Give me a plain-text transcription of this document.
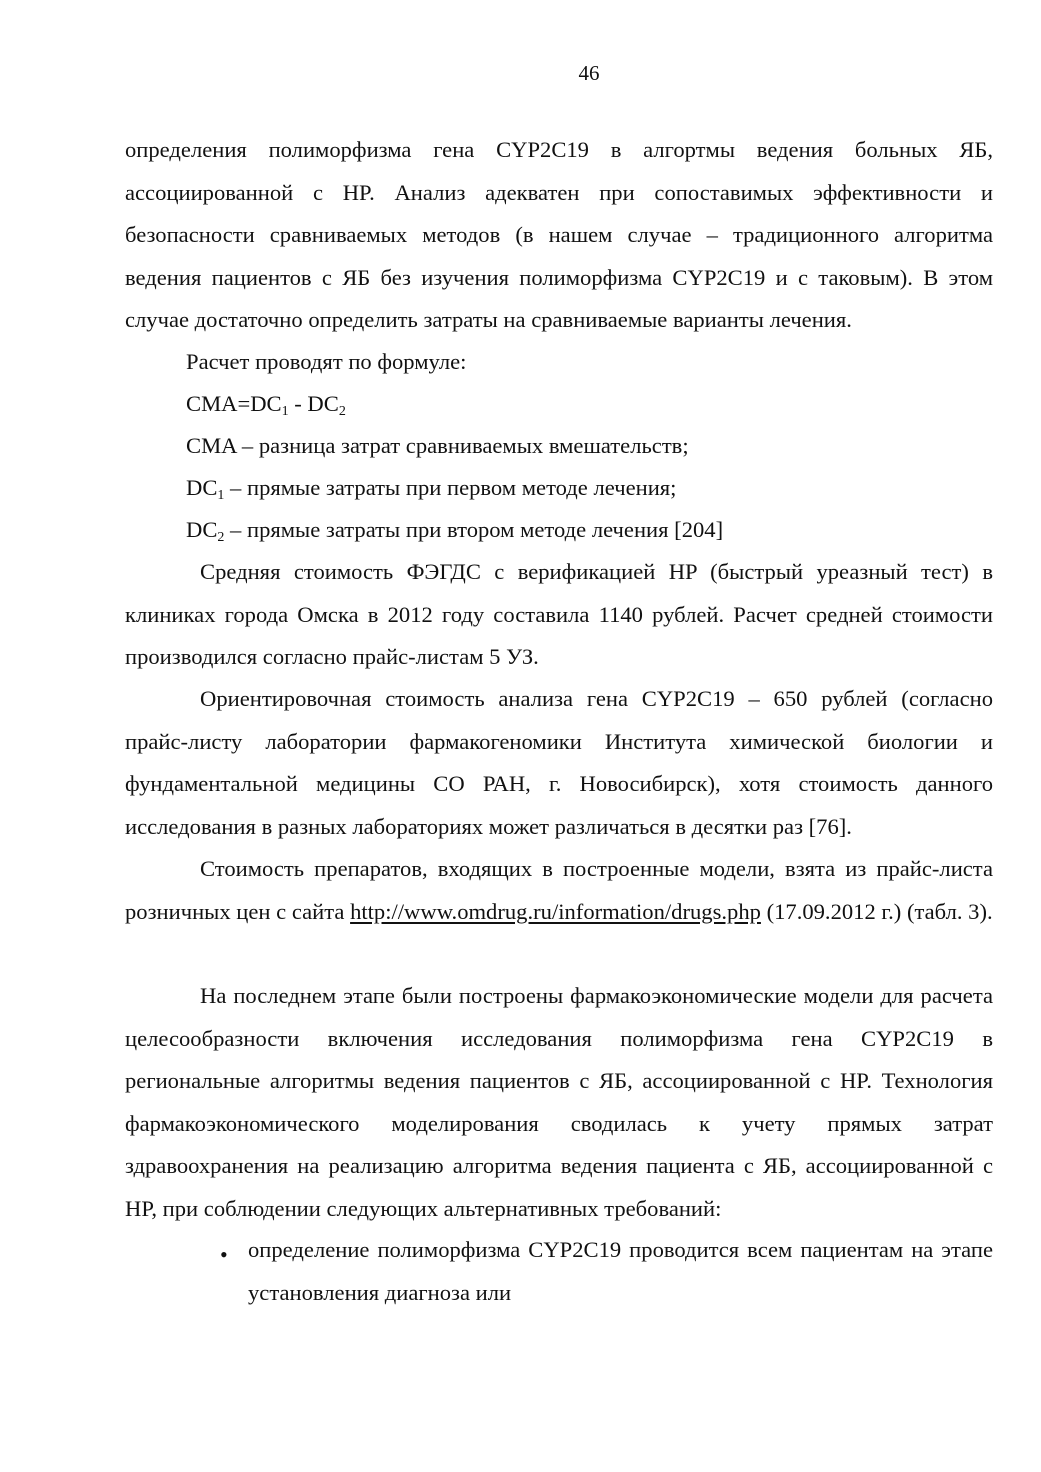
46

определения полиморфизма гена CYP2C19 в алгортмы ведения больных ЯБ, ассоциированной с HP. Анализ адекватен при сопоставимых эффективности и безопасности сравниваемых методов (в нашем случае – традиционного алгоритма ведения пациентов с ЯБ без изучения полиморфизма CYP2C19 и с таковым). В этом случае достаточно определить затраты на сравниваемые варианты лечения.

Расчет проводят по формуле:

$CMA=DC_1 - DC_2$

CMA – разница затрат сравниваемых вмешательств;

$DC_1$ – прямые затраты при первом методе лечения;

$DC_2$ – прямые затраты при втором методе лечения [204]

Средняя стоимость ФЭГДС с верификацией HP (быстрый уреазный тест) в клиниках города Омска в 2012 году составила 1140 рублей. Расчет средней стоимости производился согласно прайс-листам 5 УЗ.

Ориентировочная стоимость анализа гена CYP2C19 – 650 рублей (согласно прайс-листу лаборатории фармакогеномики Института химической биологии и фундаментальной медицины СО РАН, г. Новосибирск), хотя стоимость данного исследования в разных лабораториях может различаться в десятки раз [76].

Стоимость препаратов, входящих в построенные модели, взята из прайс-листа розничных цен с сайта http://www.omdrug.ru/information/drugs.php (17.09.2012 г.) (табл. 3).

На последнем этапе были построены фармакоэкономические модели для расчета целесообразности включения исследования полиморфизма гена CYP2C19 в региональные алгоритмы ведения пациентов с ЯБ, ассоциированной с HP. Технология фармакоэкономического моделирования сводилась к учету прямых затрат здравоохранения на реализацию алгоритма ведения пациента с ЯБ, ассоциированной с HP, при соблюдении следующих альтернативных требований:

• определение полиморфизма CYP2C19 проводится всем пациентам на этапе установления диагноза или
